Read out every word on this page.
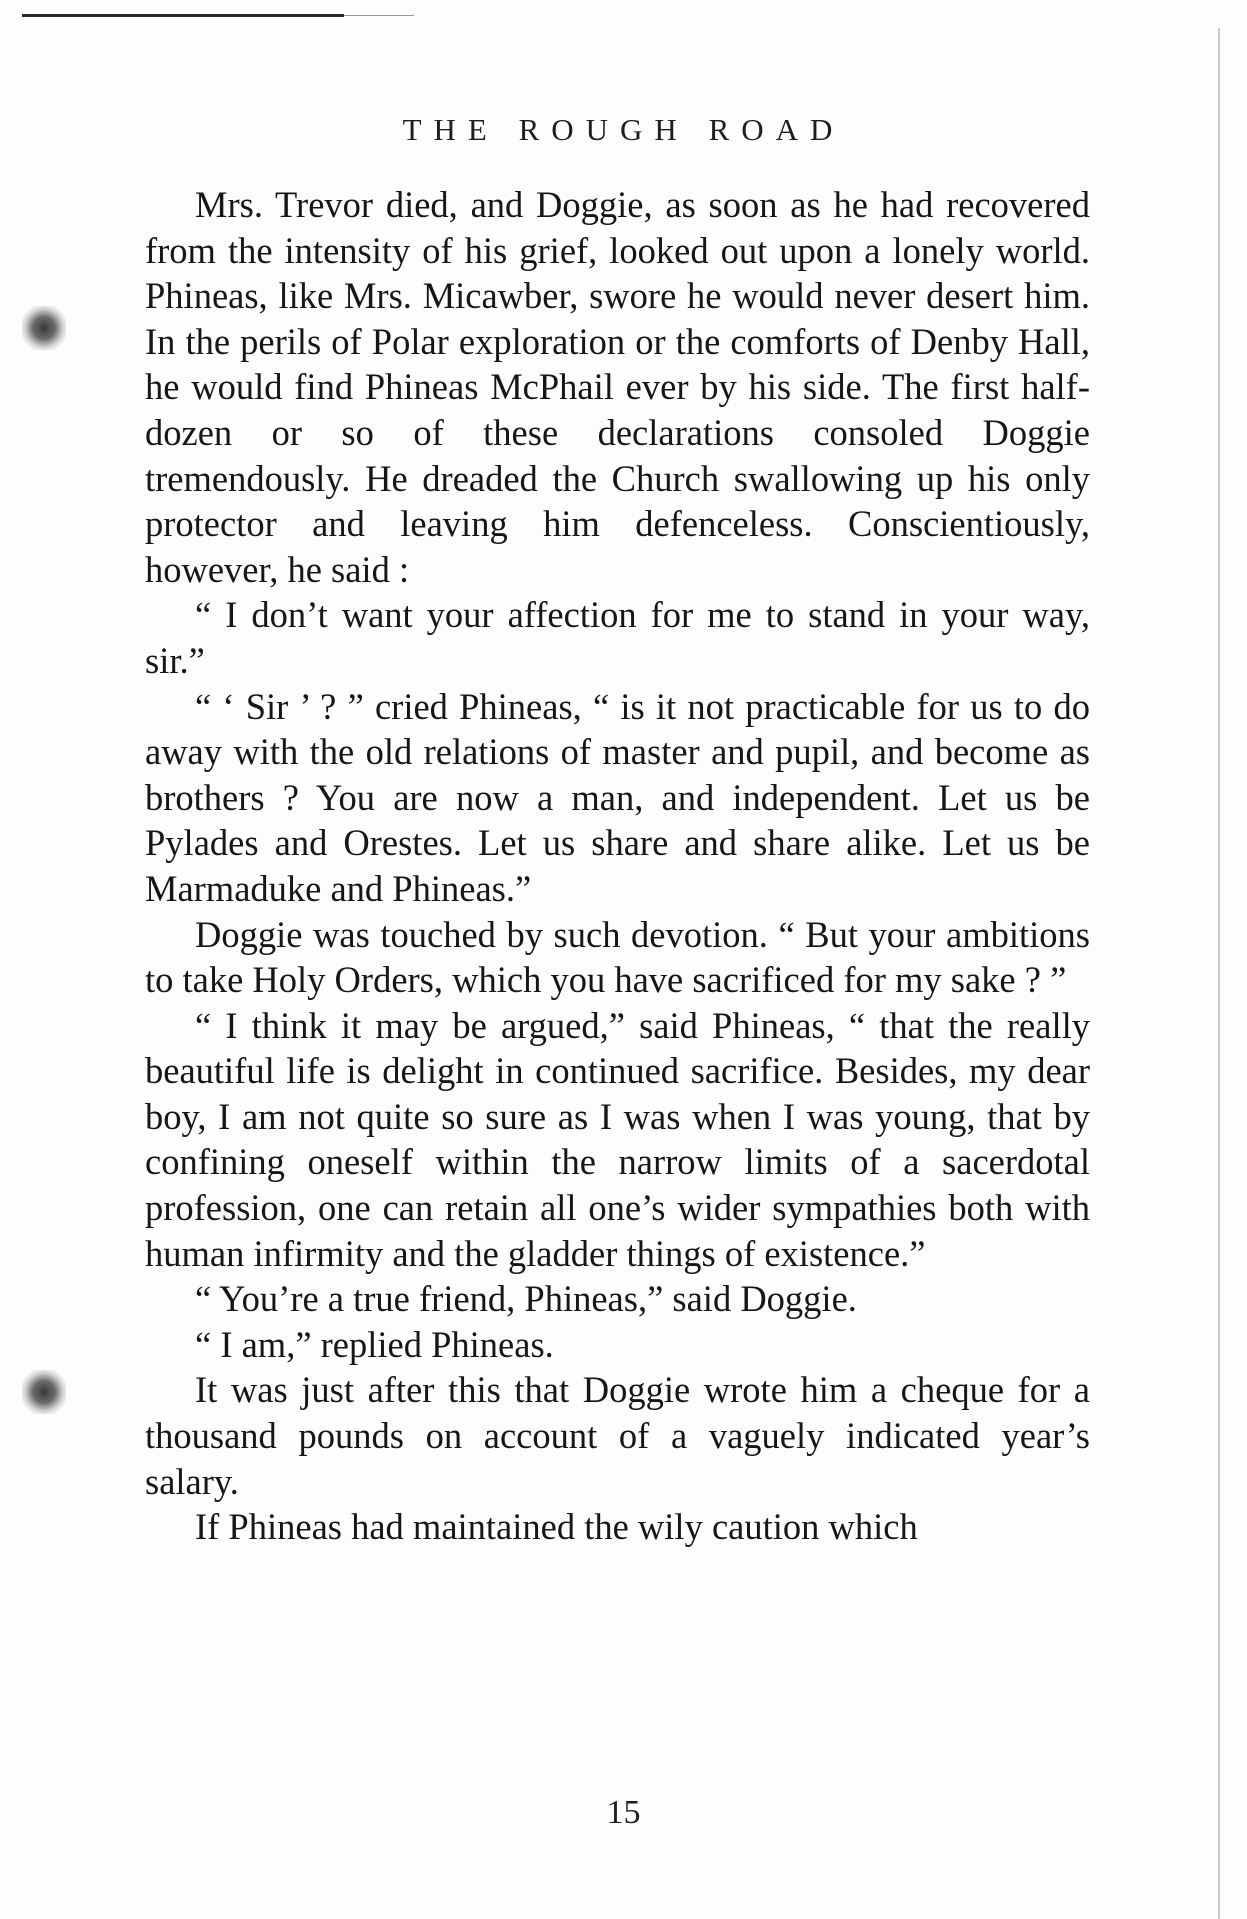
THE ROUGH ROAD

Mrs. Trevor died, and Doggie, as soon as he had recovered from the intensity of his grief, looked out upon a lonely world. Phineas, like Mrs. Micawber, swore he would never desert him. In the perils of Polar exploration or the comforts of Denby Hall, he would find Phineas McPhail ever by his side. The first half-dozen or so of these declarations consoled Doggie tremendously. He dreaded the Church swallowing up his only protector and leaving him defenceless. Conscientiously, however, he said :

“ I don’t want your affection for me to stand in your way, sir.”

“ ‘ Sir ’ ? ” cried Phineas, “ is it not practicable for us to do away with the old relations of master and pupil, and become as brothers ? You are now a man, and independent. Let us be Pylades and Orestes. Let us share and share alike. Let us be Marmaduke and Phineas.”

Doggie was touched by such devotion. “ But your ambitions to take Holy Orders, which you have sacrificed for my sake ? ”

“ I think it may be argued,” said Phineas, “ that the really beautiful life is delight in continued sacrifice. Besides, my dear boy, I am not quite so sure as I was when I was young, that by confining oneself within the narrow limits of a sacerdotal profession, one can retain all one’s wider sympathies both with human infirmity and the gladder things of existence.”

“ You’re a true friend, Phineas,” said Doggie.

“ I am,” replied Phineas.

It was just after this that Doggie wrote him a cheque for a thousand pounds on account of a vaguely indicated year’s salary.

If Phineas had maintained the wily caution which

15
